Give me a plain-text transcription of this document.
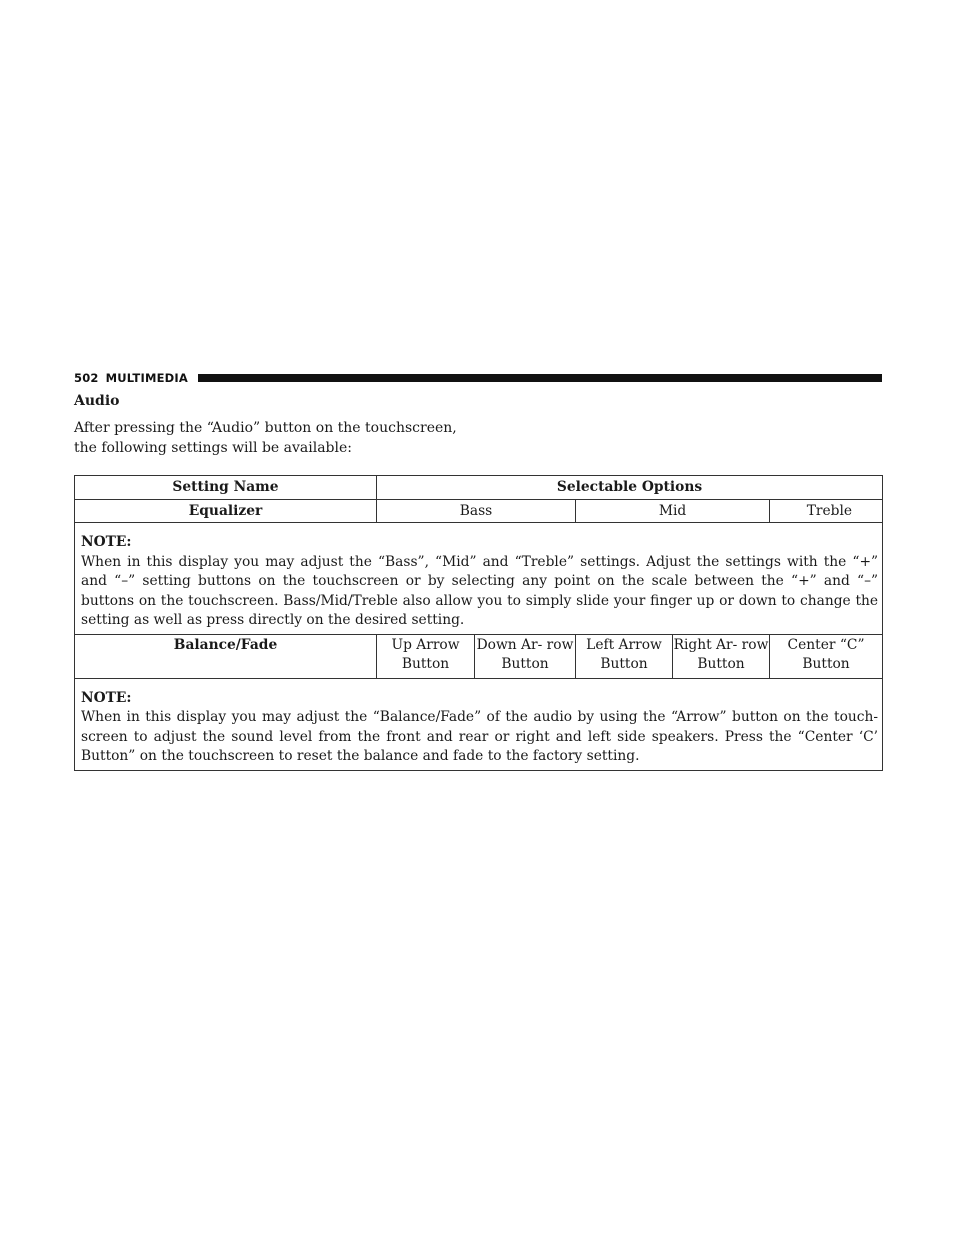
502 MULTIMEDIA
Audio

After pressing the “Audio” button on the touchscreen, the following settings will be available:

Setting Name	Selectable Options				
Equalizer	Bass		Mid		Treble

NOTE:
When in this display you may adjust the “Bass”, “Mid” and “Treble” settings. Adjust the settings with the “+” and “–” setting buttons on the touchscreen or by selecting any point on the scale between the “+” and “–” buttons on the touchscreen. Bass/Mid/Treble also allow you to simply slide your finger up or down to change the setting as well as press directly on the desired setting.					
Balance/Fade	Up Arrow Button	Down Ar- row Button	Left Arrow Button	Right Ar- row Button	Center “C” Button

NOTE:
When in this display you may adjust the “Balance/Fade” of the audio by using the “Arrow” button on the touch- screen to adjust the sound level from the front and rear or right and left side speakers. Press the “Center ‘C’ Button” on the touchscreen to reset the balance and fade to the factory setting.					
